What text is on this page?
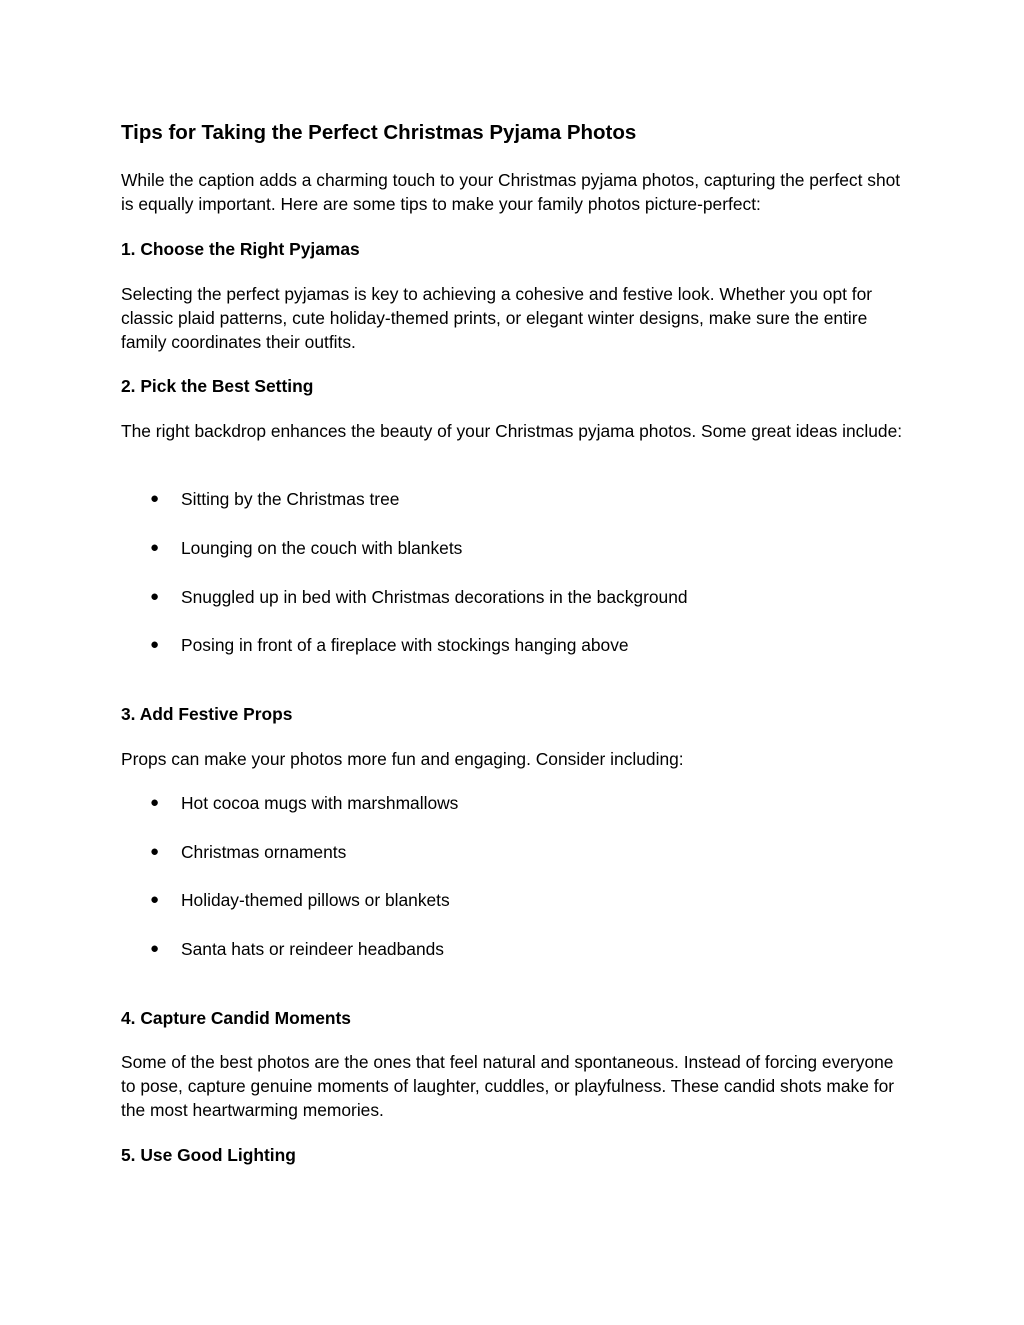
Tips for Taking the Perfect Christmas Pyjama Photos

While the caption adds a charming touch to your Christmas pyjama photos, capturing the perfect shot is equally important. Here are some tips to make your family photos picture-perfect:

1. Choose the Right Pyjamas

Selecting the perfect pyjamas is key to achieving a cohesive and festive look. Whether you opt for classic plaid patterns, cute holiday-themed prints, or elegant winter designs, make sure the entire family coordinates their outfits.

2. Pick the Best Setting

The right backdrop enhances the beauty of your Christmas pyjama photos. Some great ideas include:

● Sitting by the Christmas tree
● Lounging on the couch with blankets
● Snuggled up in bed with Christmas decorations in the background
● Posing in front of a fireplace with stockings hanging above
3. Add Festive Props

Props can make your photos more fun and engaging. Consider including:

● Hot cocoa mugs with marshmallows
● Christmas ornaments
● Holiday-themed pillows or blankets
● Santa hats or reindeer headbands
4. Capture Candid Moments

Some of the best photos are the ones that feel natural and spontaneous. Instead of forcing everyone to pose, capture genuine moments of laughter, cuddles, or playfulness. These candid shots make for the most heartwarming memories.

5. Use Good Lighting
